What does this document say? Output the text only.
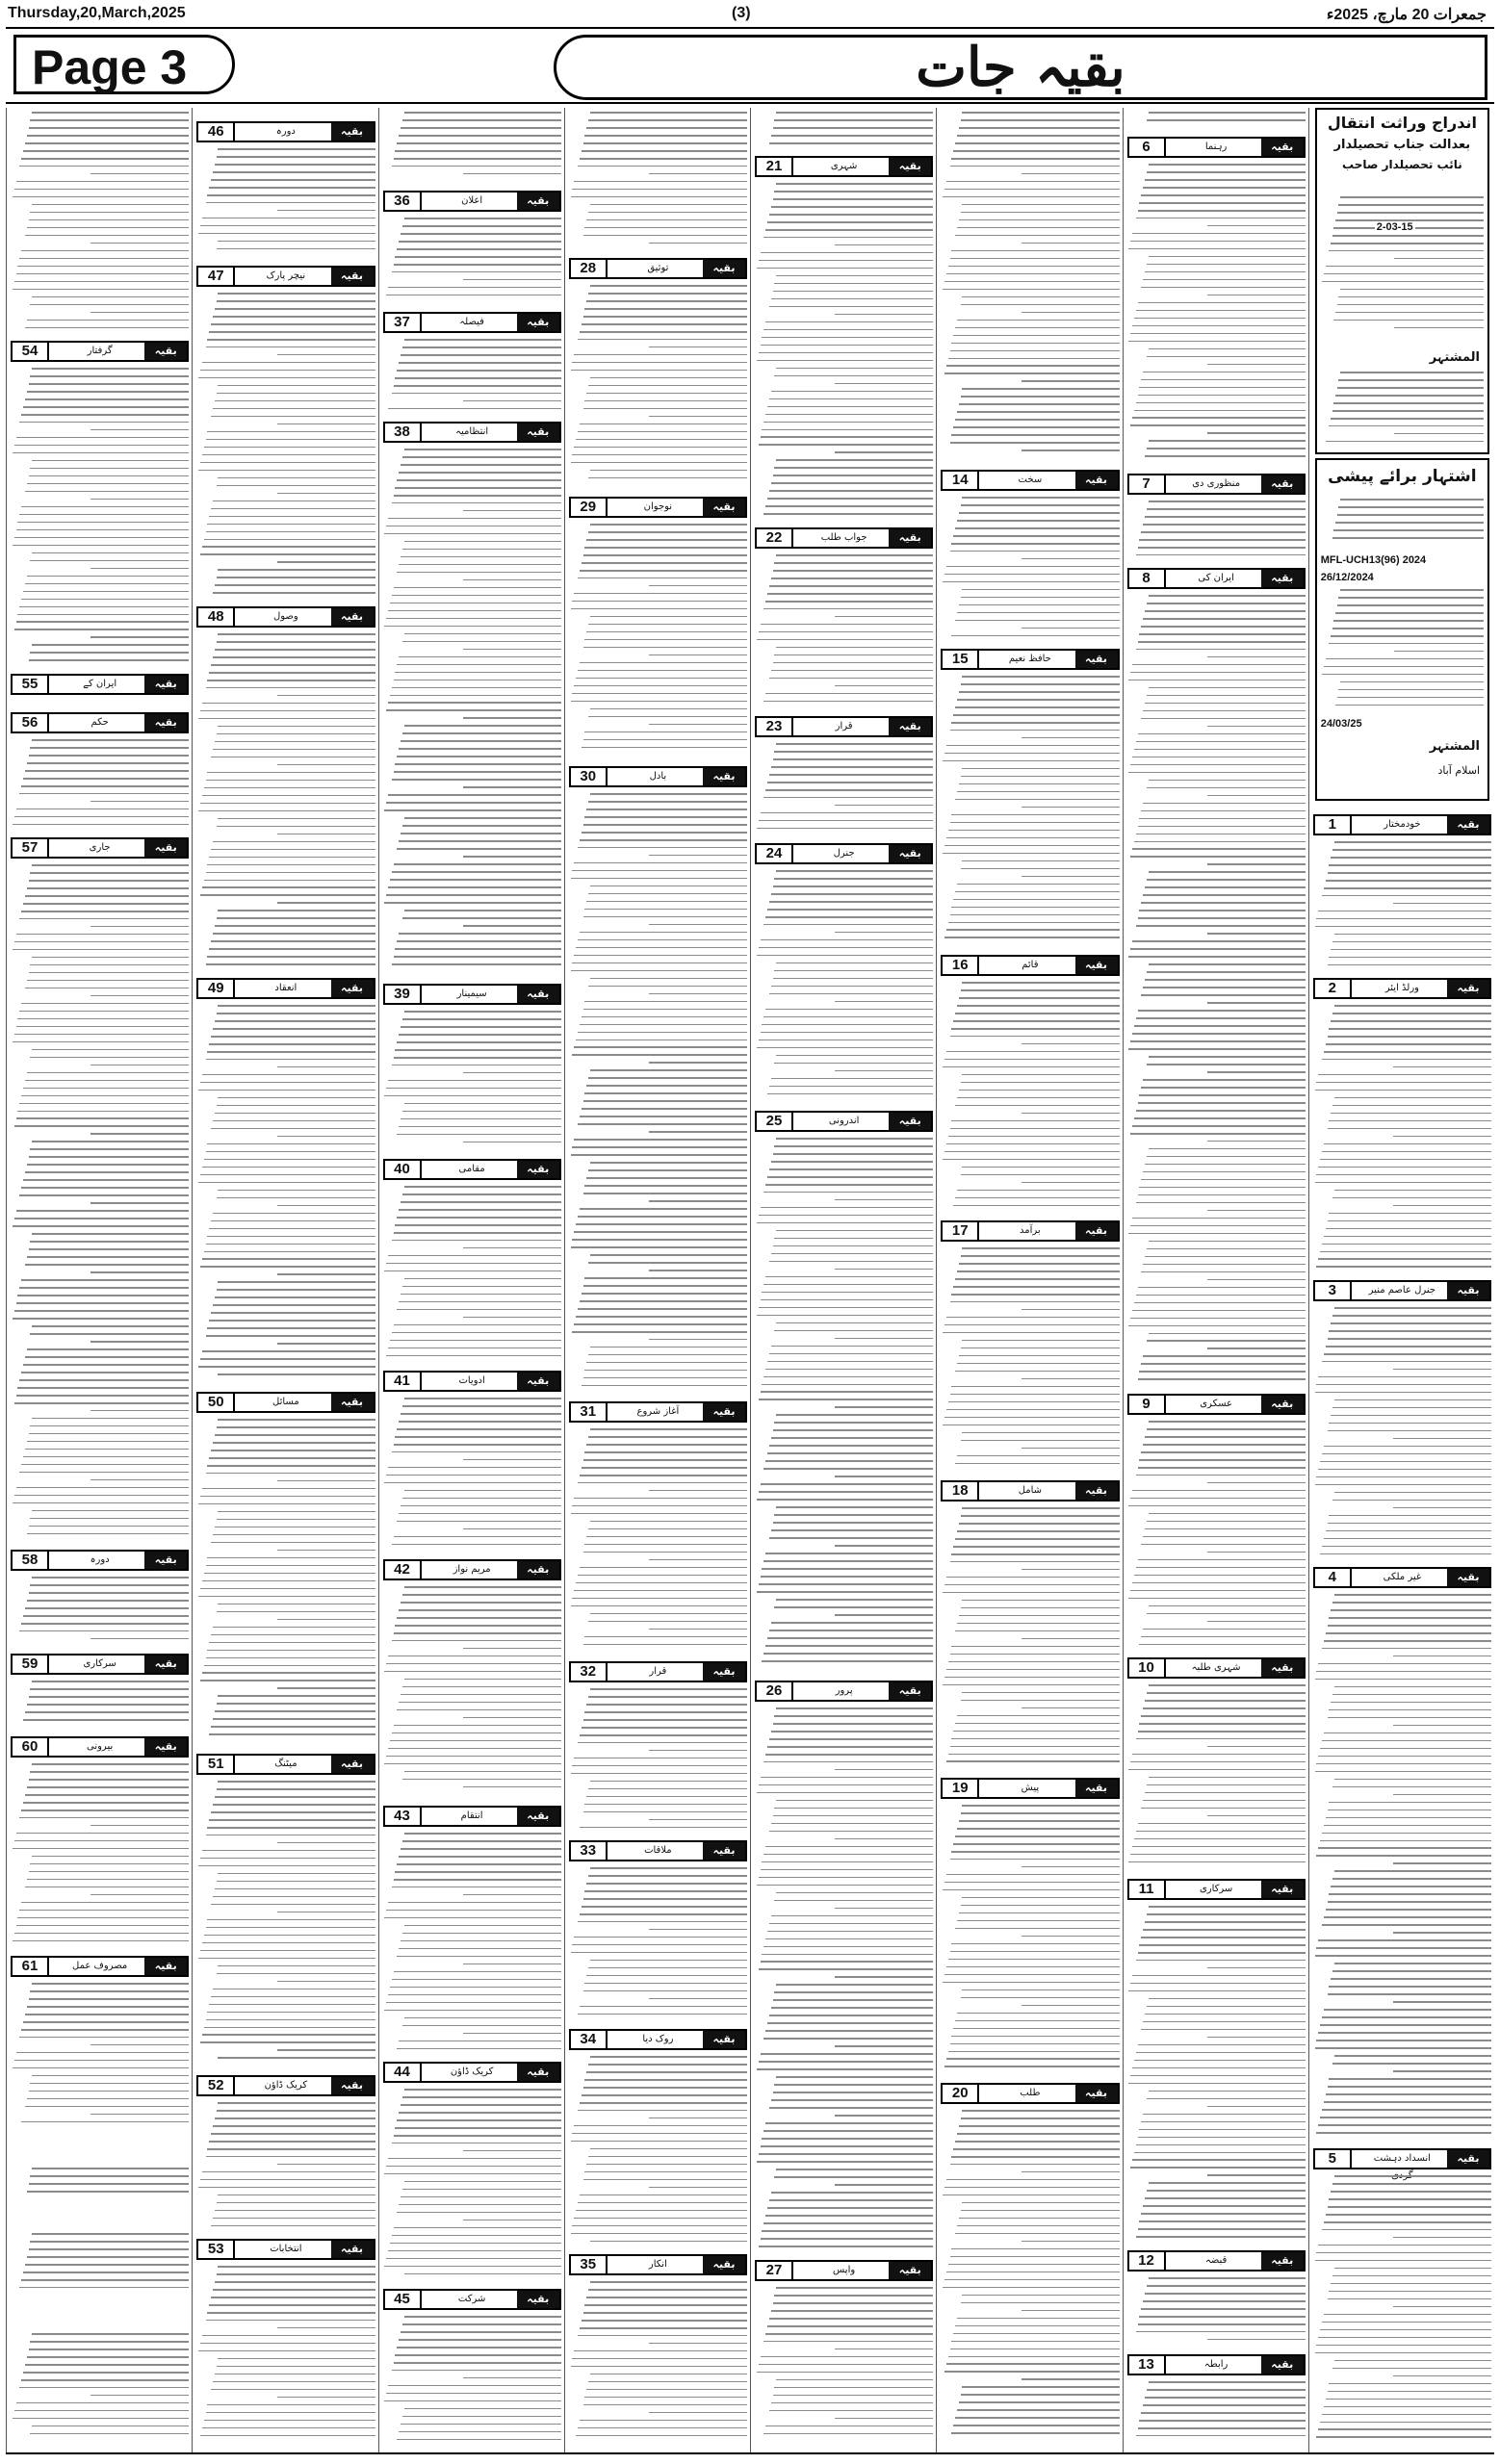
Thursday,20,March,2025	(3)	جمعرات 20 مارچ، 2025ء
Page 3	بقیہ جات
اندراج وراثت انتقال
بعدالت جناب تحصیلدار
نائب تحصیلدار صاحب
2-03-15
المشتہر
اشتہار برائے پیشی
MFL-UCH13(96) 2024
26/12/2024
24/03/25
المشتہر
اسلام آباد
بقیہ
خودمختار
1
بقیہ
ورلڈ ایئر
2
بقیہ
جنرل عاصم منیر
3
بقیہ
غیر ملکی
4
بقیہ
انسداد دہشت
5
بقیہ
رہنما
6
بقیہ
منظوری دی
7
بقیہ
ایران کی
8
بقیہ
عسکری
9
بقیہ
شہری طلبہ
10
بقیہ
سرکاری
11
بقیہ
قبضہ
12
بقیہ
رابطہ
13
بقیہ
سخت
14
بقیہ
حافظ نعیم
15
بقیہ
قائم
16
بقیہ
برآمد
17
بقیہ
شامل
18
بقیہ
پیش
19
بقیہ
طلب
20
بقیہ
شہری
21
بقیہ
جواب طلب
22
بقیہ
قرار
23
بقیہ
جنرل
24
بقیہ
اندرونی
25
بقیہ
پرور
26
بقیہ
واپس
27
بقیہ
توثیق
28
بقیہ
نوجوان
29
بقیہ
بادل
30
بقیہ
آغاز شروع
31
بقیہ
قرار
32
بقیہ
ملاقات
33
بقیہ
روک دیا
34
بقیہ
انکار
35
بقیہ
اعلان
36
بقیہ
فیصلہ
37
بقیہ
انتظامیہ
38
بقیہ
سیمینار
39
بقیہ
مقامی
40
بقیہ
ادویات
41
بقیہ
مریم نواز
42
بقیہ
انتقام
43
بقیہ
کریک ڈاؤن
44
بقیہ
شرکت
45
بقیہ
دورہ
46
بقیہ
نیچر پارک
47
بقیہ
وصول
48
بقیہ
انعقاد
49
بقیہ
مسائل
50
بقیہ
میٹنگ
51
بقیہ
کریک ڈاؤن
52
بقیہ
انتخابات
53
بقیہ
گرفتار
54
بقیہ
ایران کے
55
بقیہ
حکم
56
بقیہ
جاری
57
بقیہ
دورہ
58
بقیہ
سرکاری
59
بقیہ
بیرونی
60
بقیہ
مصروف عمل
61
